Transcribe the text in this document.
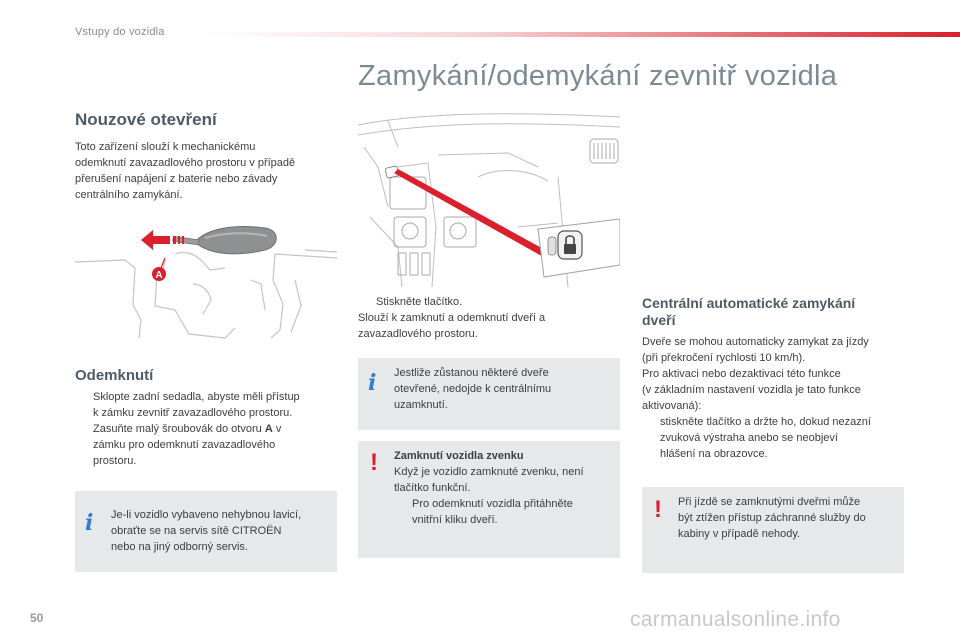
Vstupy do vozidla
Zamykání/odemykání zevnitř vozidla
Nouzové otevření
Toto zařízení slouží k mechanickému
odemknutí zavazadlového prostoru v případě
přerušení napájení z baterie nebo závady
centrálního zamykání.
A
Odemknutí
Sklopte zadní sedadla, abyste měli přístup
k zámku zevnitř zavazadlového prostoru.
Zasuňte malý šroubovák do otvoru A v
zámku pro odemknutí zavazadlového
prostoru.
i Je-li vozidlo vybaveno nehybnou lavicí,
obraťte se na servis sítě CITROËN
nebo na jiný odborný servis.
Stiskněte tlačítko.
Slouží k zamknutí a odemknutí dveří a
zavazadlového prostoru.
i Jestliže zůstanou některé dveře
otevřené, nedojde k centrálnímu
uzamknutí.
! Zamknutí vozidla zvenku
Když je vozidlo zamknuté zvenku, není
tlačítko funkční.
Pro odemknutí vozidla přitáhněte
vnitřní kliku dveří.
Centrální automatické zamykání
dveří
Dveře se mohou automaticky zamykat za jízdy
(při překročení rychlosti 10 km/h).
Pro aktivaci nebo dezaktivaci této funkce
(v základním nastavení vozidla je tato funkce
aktivovaná):
stiskněte tlačítko a držte ho, dokud nezazní
zvuková výstraha anebo se neobjeví
hlášení na obrazovce.
! Při jízdě se zamknutými dveřmi může
být ztížen přístup záchranné služby do
kabiny v případě nehody.
50	carmanualsonline.info
